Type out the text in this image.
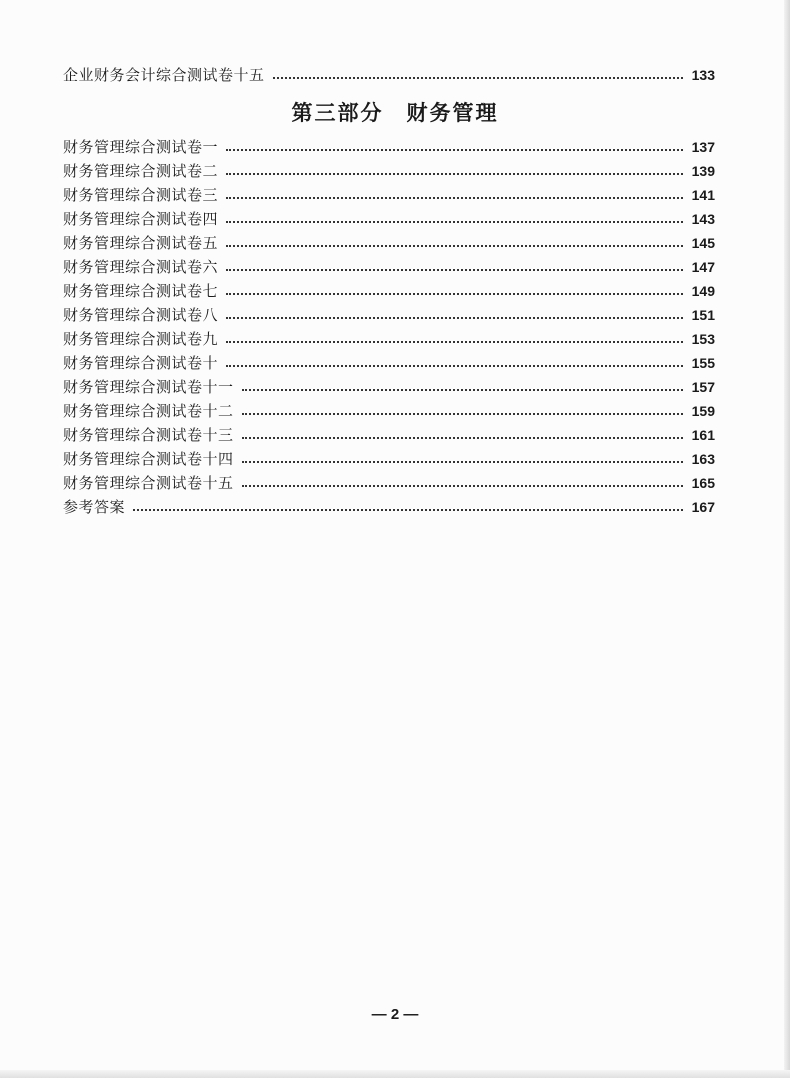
企业财务会计综合测试卷十五	133
第三部分　财务管理
财务管理综合测试卷一	137
财务管理综合测试卷二	139
财务管理综合测试卷三	141
财务管理综合测试卷四	143
财务管理综合测试卷五	145
财务管理综合测试卷六	147
财务管理综合测试卷七	149
财务管理综合测试卷八	151
财务管理综合测试卷九	153
财务管理综合测试卷十	155
财务管理综合测试卷十一	157
财务管理综合测试卷十二	159
财务管理综合测试卷十三	161
财务管理综合测试卷十四	163
财务管理综合测试卷十五	165
参考答案	167
— 2 —
